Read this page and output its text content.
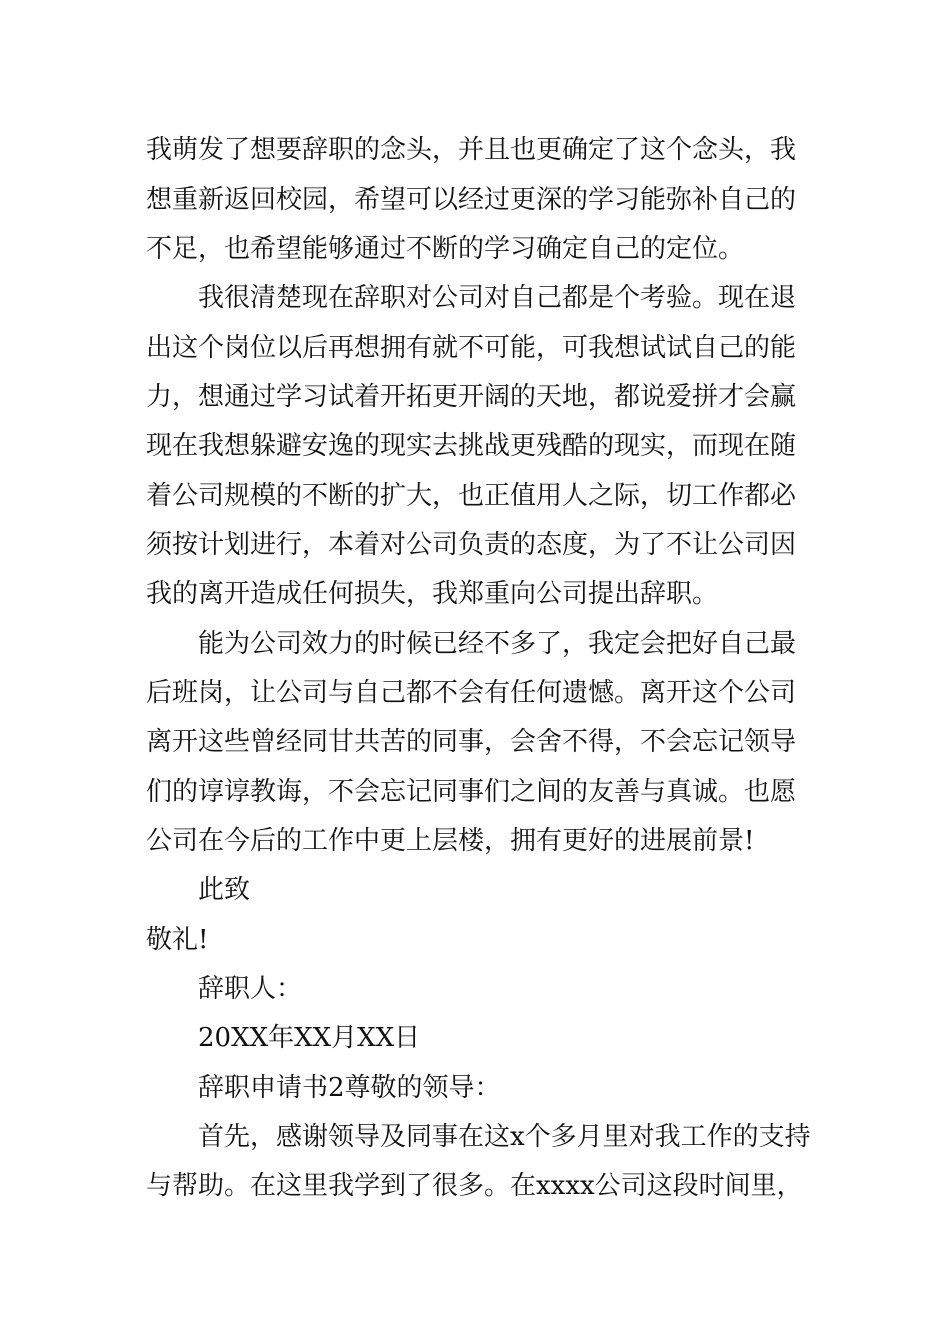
我萌发了想要辞职的念头，并且也更确定了这个念头，我
想重新返回校园，希望可以经过更深的学习能弥补自己的
不足，也希望能够通过不断的学习确定自己的定位。
我很清楚现在辞职对公司对自己都是个考验。现在退
出这个岗位以后再想拥有就不可能，可我想试试自己的能
力，想通过学习试着开拓更开阔的天地，都说爱拼才会赢
现在我想躲避安逸的现实去挑战更残酷的现实，而现在随
着公司规模的不断的扩大，也正值用人之际，切工作都必
须按计划进行，本着对公司负责的态度，为了不让公司因
我的离开造成任何损失，我郑重向公司提出辞职。
能为公司效力的时候已经不多了，我定会把好自己最
后班岗，让公司与自己都不会有任何遗憾。离开这个公司
离开这些曾经同甘共苦的同事，会舍不得，不会忘记领导
们的谆谆教诲，不会忘记同事们之间的友善与真诚。也愿
公司在今后的工作中更上层楼，拥有更好的进展前景!
此致
敬礼!
辞职人：
20XX年XX月XX日
辞职申请书2尊敬的领导：
首先，感谢领导及同事在这x个多月里对我工作的支持
与帮助。在这里我学到了很多。在xxxx公司这段时间里，
